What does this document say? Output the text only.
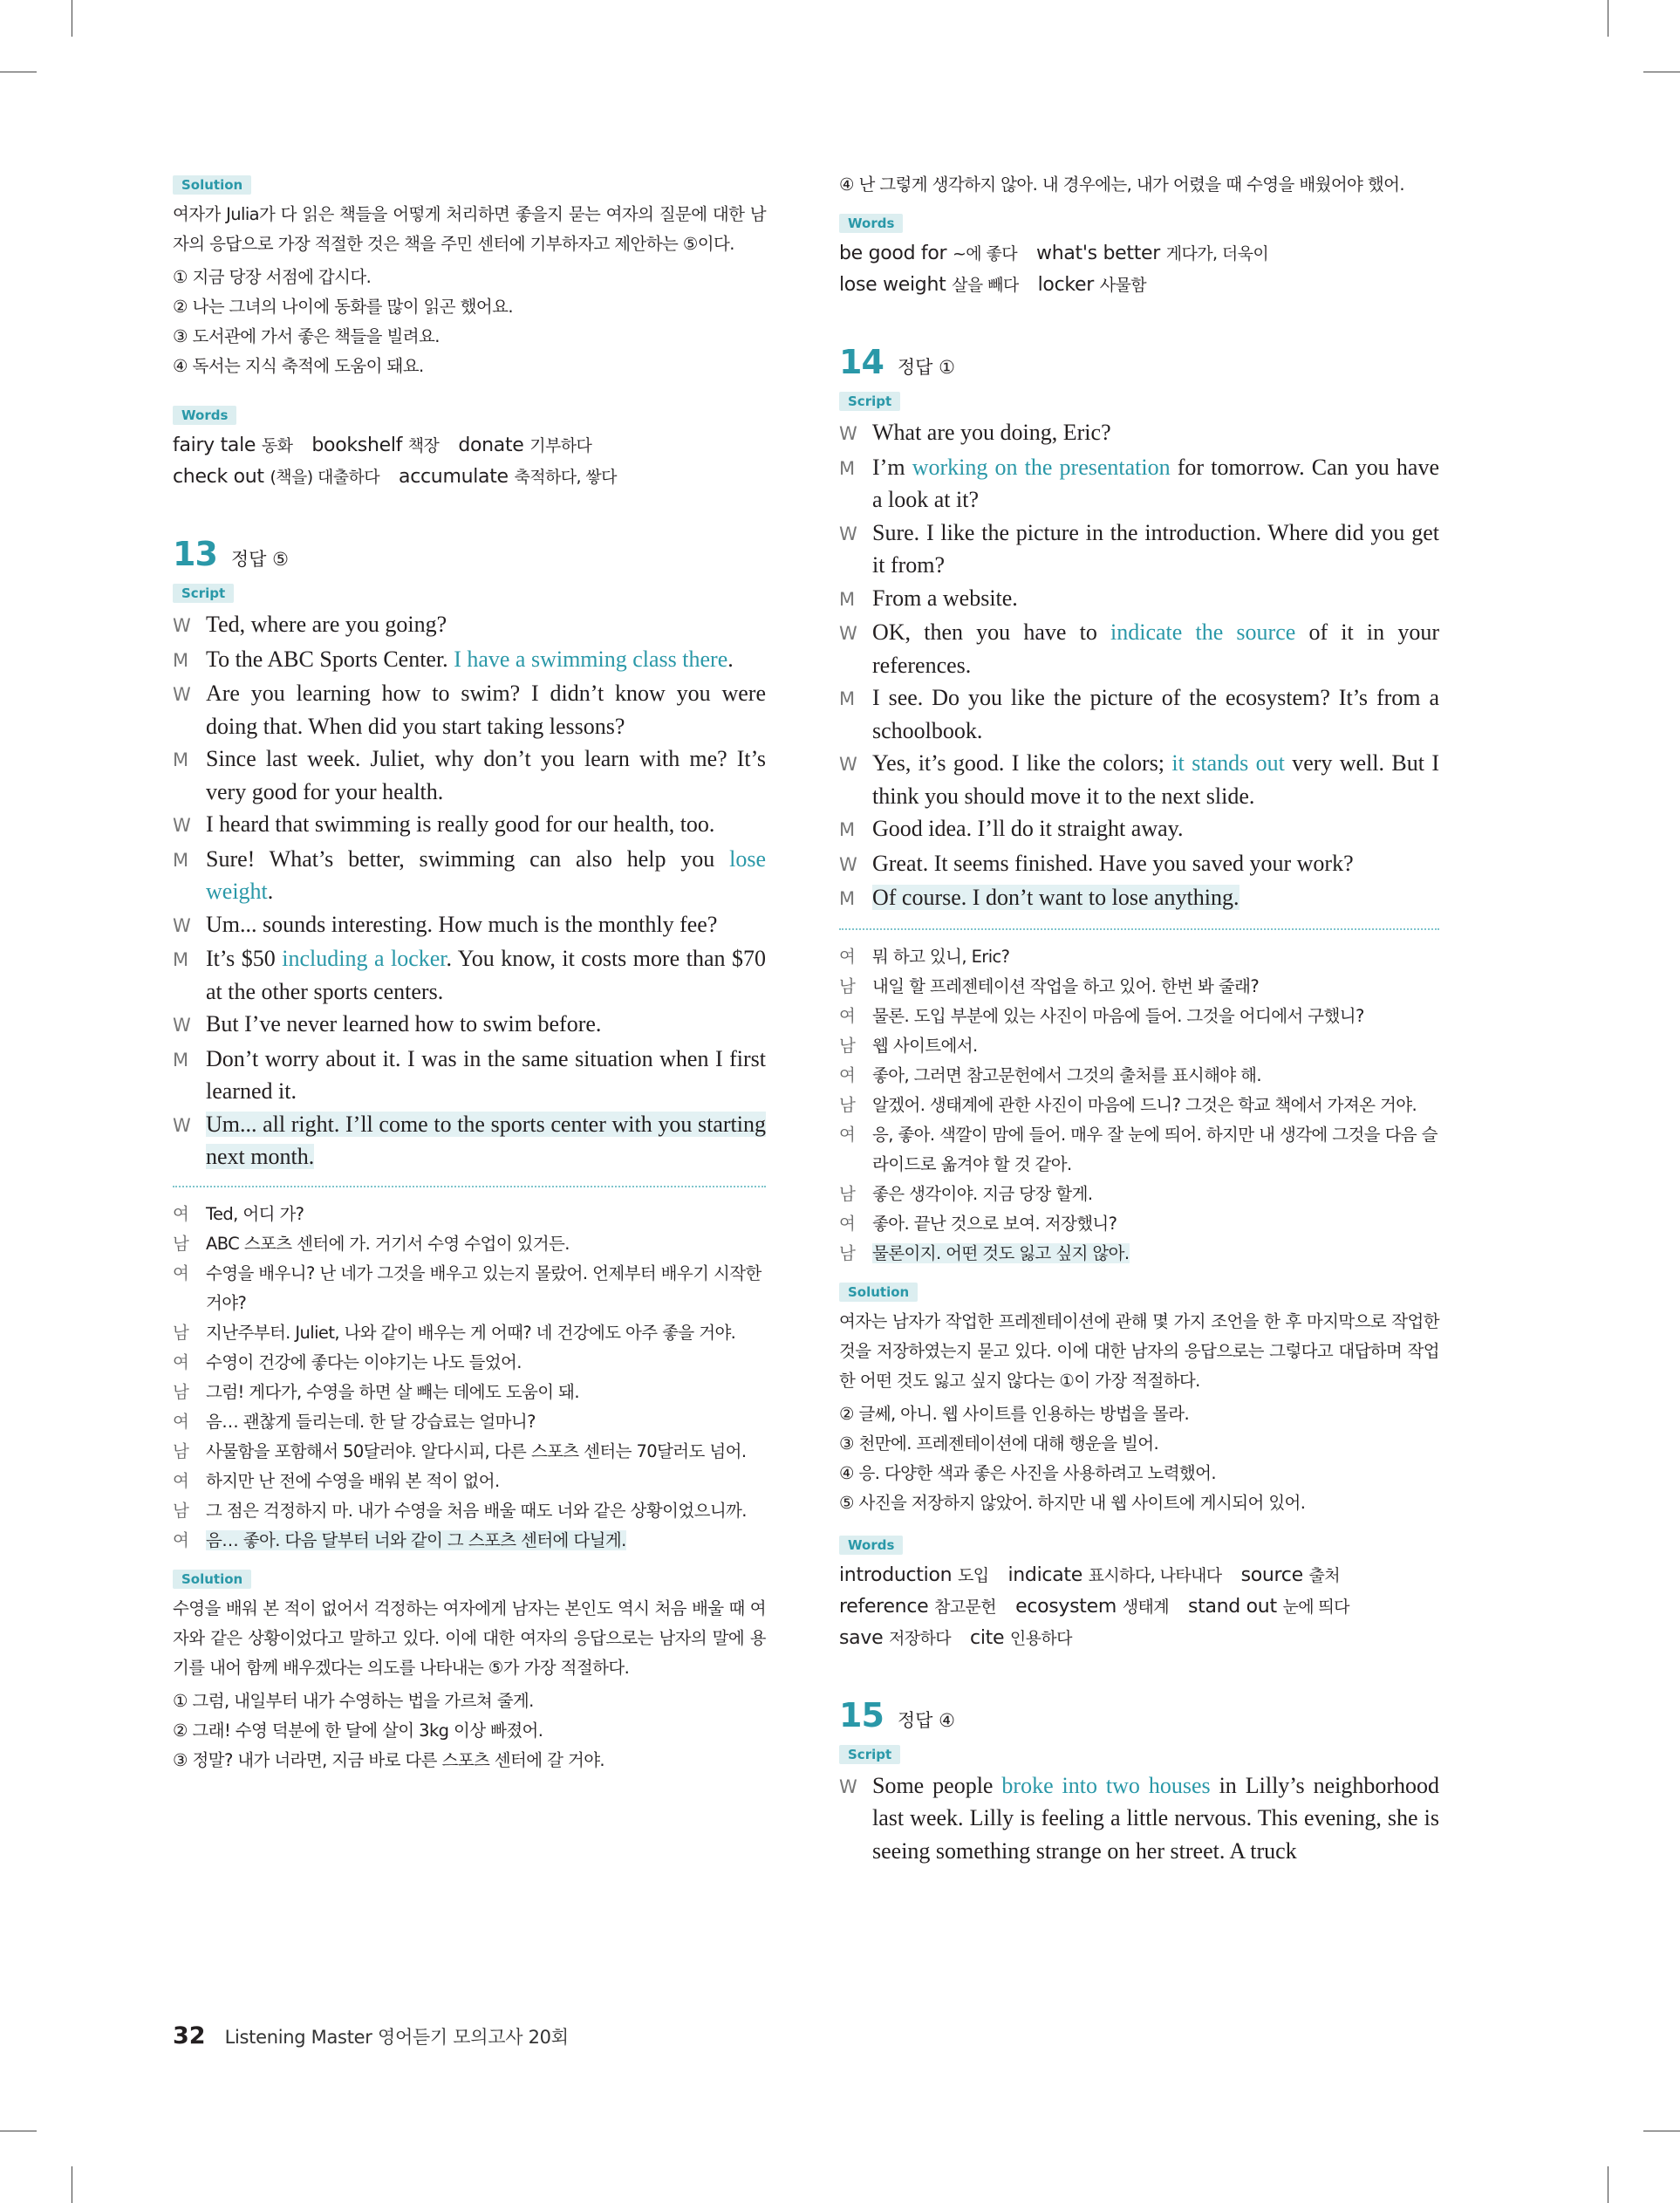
Solution

여자가 Julia가 다 읽은 책들을 어떻게 처리하면 좋을지 묻는 여자의 질문에 대한 남자의 응답으로 가장 적절한 것은 책을 주민 센터에 기부하자고 제안하는 ⑤이다.

① 지금 당장 서점에 갑시다.

② 나는 그녀의 나이에 동화를 많이 읽곤 했어요.

③ 도서관에 가서 좋은 책들을 빌려요.

④ 독서는 지식 축적에 도움이 돼요.

Words
fairy tale 동화 bookshelf 책장 donate 기부하다
check out (책을) 대출하다 accumulate 축적하다, 쌓다
13 정답 ⑤
Script
W Ted, where are you going?
M To the ABC Sports Center. I have a swimming class there.
W Are you learning how to swim? I didn’t know you were doing that. When did you start taking lessons?
M Since last week. Juliet, why don’t you learn with me? It’s very good for your health.
W I heard that swimming is really good for our health, too.
M Sure! What’s better, swimming can also help you lose weight.
W Um... sounds interesting. How much is the monthly fee?
M It’s $50 including a locker. You know, it costs more than $70 at the other sports centers.
W But I’ve never learned how to swim before.
M Don’t worry about it. I was in the same situation when I first learned it.
W Um... all right. I’ll come to the sports center with you starting next month.
여	Ted, 어디 가?
남	ABC 스포츠 센터에 가. 거기서 수영 수업이 있거든.
여	수영을 배우니? 난 네가 그것을 배우고 있는지 몰랐어. 언제부터 배우기 시작한 거야?
남	지난주부터. Juliet, 나와 같이 배우는 게 어때? 네 건강에도 아주 좋을 거야.
여	수영이 건강에 좋다는 이야기는 나도 들었어.
남	그럼! 게다가, 수영을 하면 살 빼는 데에도 도움이 돼.
여	음… 괜찮게 들리는데. 한 달 강습료는 얼마니?
남	사물함을 포함해서 50달러야. 알다시피, 다른 스포츠 센터는 70달러도 넘어.
여	하지만 난 전에 수영을 배워 본 적이 없어.
남	그 점은 걱정하지 마. 내가 수영을 처음 배울 때도 너와 같은 상황이었으니까.
여	음… 좋아. 다음 달부터 너와 같이 그 스포츠 센터에 다닐게.
Solution

수영을 배워 본 적이 없어서 걱정하는 여자에게 남자는 본인도 역시 처음 배울 때 여자와 같은 상황이었다고 말하고 있다. 이에 대한 여자의 응답으로는 남자의 말에 용기를 내어 함께 배우겠다는 의도를 나타내는 ⑤가 가장 적절하다.

① 그럼, 내일부터 내가 수영하는 법을 가르쳐 줄게.

② 그래! 수영 덕분에 한 달에 살이 3kg 이상 빠졌어.

③ 정말? 내가 너라면, 지금 바로 다른 스포츠 센터에 갈 거야.

④ 난 그렇게 생각하지 않아. 내 경우에는, 내가 어렸을 때 수영을 배웠어야 했어.

Words
be good for ~에 좋다 what's better 게다가, 더욱이
lose weight 살을 빼다 locker 사물함
14 정답 ①
Script
W What are you doing, Eric?
M I’m working on the presentation for tomorrow. Can you have a look at it?
W Sure. I like the picture in the introduction. Where did you get it from?
M From a website.
W OK, then you have to indicate the source of it in your references.
M I see. Do you like the picture of the ecosystem? It’s from a schoolbook.
W Yes, it’s good. I like the colors; it stands out very well. But I think you should move it to the next slide.
M Good idea. I’ll do it straight away.
W Great. It seems finished. Have you saved your work?
M Of course. I don’t want to lose anything.
여	뭐 하고 있니, Eric?
남	내일 할 프레젠테이션 작업을 하고 있어. 한번 봐 줄래?
여	물론. 도입 부분에 있는 사진이 마음에 들어. 그것을 어디에서 구했니?
남	웹 사이트에서.
여	좋아, 그러면 참고문헌에서 그것의 출처를 표시해야 해.
남	알겠어. 생태계에 관한 사진이 마음에 드니? 그것은 학교 책에서 가져온 거야.
여	응, 좋아. 색깔이 맘에 들어. 매우 잘 눈에 띄어. 하지만 내 생각에 그것을 다음 슬라이드로 옮겨야 할 것 같아.
남	좋은 생각이야. 지금 당장 할게.
여	좋아. 끝난 것으로 보여. 저장했니?
남	물론이지. 어떤 것도 잃고 싶지 않아.
Solution

여자는 남자가 작업한 프레젠테이션에 관해 몇 가지 조언을 한 후 마지막으로 작업한 것을 저장하였는지 묻고 있다. 이에 대한 남자의 응답으로는 그렇다고 대답하며 작업한 어떤 것도 잃고 싶지 않다는 ①이 가장 적절하다.

② 글쎄, 아니. 웹 사이트를 인용하는 방법을 몰라.

③ 천만에. 프레젠테이션에 대해 행운을 빌어.

④ 응. 다양한 색과 좋은 사진을 사용하려고 노력했어.

⑤ 사진을 저장하지 않았어. 하지만 내 웹 사이트에 게시되어 있어.

Words
introduction 도입 indicate 표시하다, 나타내다 source 출처
reference 참고문헌 ecosystem 생태계 stand out 눈에 띄다
save 저장하다 cite 인용하다
15 정답 ④
Script
W Some people broke into two houses in Lilly’s neighborhood last week. Lilly is feeling a little nervous. This evening, she is seeing something strange on her street. A truck
32 Listening Master 영어듣기 모의고사 20회
